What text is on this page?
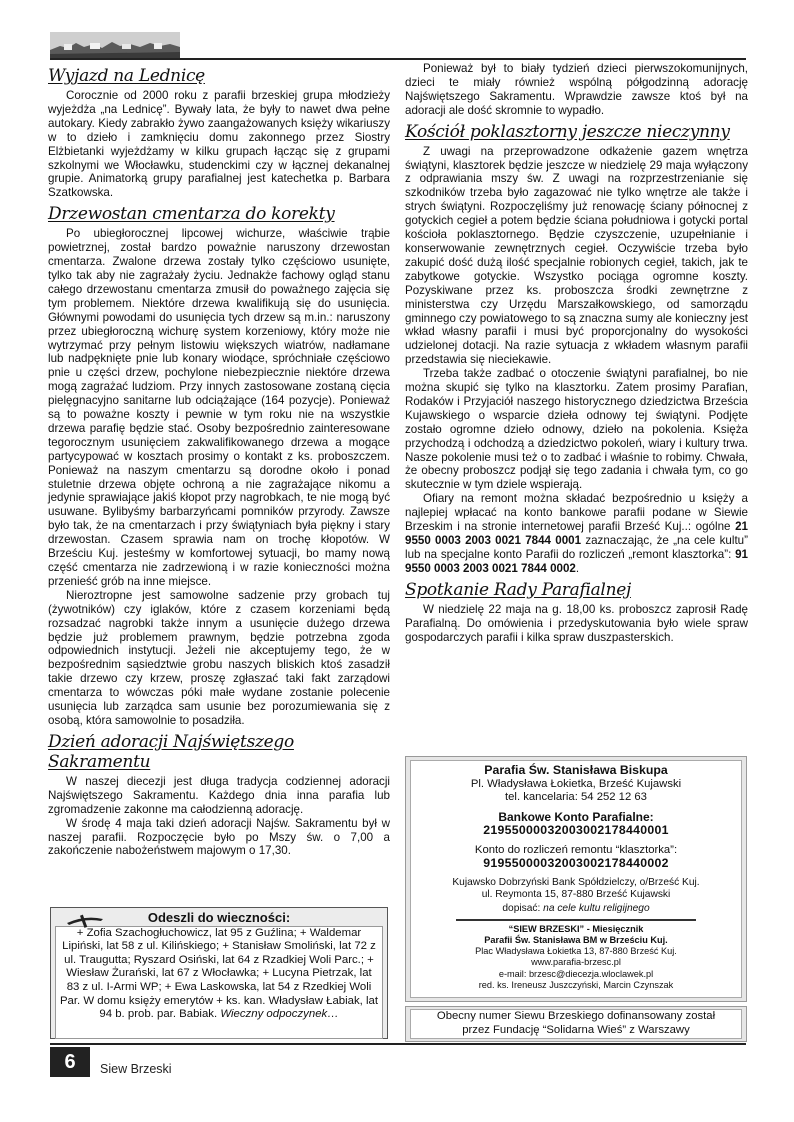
Wyjazd na Lednicę

Corocznie od 2000 roku z parafii brzeskiej grupa młodzieży wyjeżdża „na Lednicę”. Bywały lata, że były to nawet dwa pełne autokary. Kiedy zabrakło żywo zaangażowanych księży wikariuszy w to dzieło i zamknięciu domu zakonnego przez Siostry Elżbietanki wyjeżdżamy w kilku grupach łącząc się z grupami szkolnymi we Włocławku, studenckimi czy w łącznej dekanalnej grupie. Animatorką grupy parafialnej jest katechetka p. Barbara Szatkowska.

Drzewostan cmentarza do korekty

Po ubiegłorocznej lipcowej wichurze, właściwie trąbie powietrznej, został bardzo poważnie naruszony drzewostan cmentarza. Zwalone drzewa zostały tylko częściowo usunięte, tylko tak aby nie zagrażały życiu. Jednakże fachowy ogląd stanu całego drzewostanu cmentarza zmusił do poważnego zajęcia się tym problemem. Niektóre drzewa kwalifikują się do usunięcia. Głównymi powodami do usunięcia tych drzew są m.in.: naruszony przez ubiegłoroczną wichurę system korzeniowy, który może nie wytrzymać przy pełnym listowiu większych wiatrów, nadłamane lub nadpęknięte pnie lub konary wiodące, spróchniałe częściowo pnie u części drzew, pochylone niebezpiecznie niektóre drzewa mogą zagrażać ludziom. Przy innych zastosowane zostaną cięcia pielęgnacyjno sanitarne lub odciążające (164 pozycje). Ponieważ są to poważne koszty i pewnie w tym roku nie na wszystkie drzewa parafię będzie stać. Osoby bezpośrednio zainteresowane tegorocznym usunięciem zakwalifikowanego drzewa a mogące partycypować w kosztach prosimy o kontakt z ks. proboszczem. Ponieważ na naszym cmentarzu są dorodne około i ponad stuletnie drzewa objęte ochroną a nie zagrażające nikomu a jedynie sprawiające jakiś kłopot przy nagrobkach, te nie mogą być usuwane. Bylibyśmy barbarzyńcami pomników przyrody. Zawsze było tak, że na cmentarzach i przy świątyniach była piękny i stary drzewostan. Czasem sprawia nam on trochę kłopotów. W Brześciu Kuj. jesteśmy w komfortowej sytuacji, bo mamy nową część cmentarza nie zadrzewioną i w razie konieczności można przenieść grób na inne miejsce.

Nieroztropne jest samowolne sadzenie przy grobach tuj (żywotników) czy iglaków, które z czasem korzeniami będą rozsadzać nagrobki także innym a usunięcie dużego drzewa będzie już problemem prawnym, będzie potrzebna zgoda odpowiednich instytucji. Jeżeli nie akceptujemy tego, że w bezpośrednim sąsiedztwie grobu naszych bliskich ktoś zasadził takie drzewo czy krzew, proszę zgłaszać taki fakt zarządowi cmentarza to wówczas póki małe wydane zostanie polecenie usunięcia lub zarządca sam usunie bez porozumiewania się z osobą, która samowolnie to posadziła.

Dzień adoracji Najświętszego Sakramentu

W naszej diecezji jest długa tradycja codziennej adoracji Najświętszego Sakramentu. Każdego dnia inna parafia lub zgromadzenie zakonne ma całodzienną adorację.

W środę 4 maja taki dzień adoracji Najśw. Sakramentu był w naszej parafii. Rozpoczęcie było po Mszy św. o 7,00 a zakończenie nabożeństwem majowym o 17,30.

Ponieważ był to biały tydzień dzieci pierwszokomunijnych, dzieci te miały również wspólną półgodzinną adorację Najświętszego Sakramentu. Wprawdzie zawsze ktoś był na adoracji ale dość skromnie to wypadło.

Kościół poklasztorny jeszcze nieczynny

Z uwagi na przeprowadzone odkażenie gazem wnętrza świątyni, klasztorek będzie jeszcze w niedzielę 29 maja wyłączony z odprawiania mszy św. Z uwagi na rozprzestrzenianie się szkodników trzeba było zagazować nie tylko wnętrze ale także i strych świątyni. Rozpoczęliśmy już renowację ściany północnej z gotyckich cegieł a potem będzie ściana południowa i gotycki portal kościoła poklasztornego. Będzie czyszczenie, uzupełnianie i konserwowanie zewnętrznych cegieł. Oczywiście trzeba było zakupić dość dużą ilość specjalnie robionych cegieł, takich, jak te zabytkowe gotyckie. Wszystko pociąga ogromne koszty. Pozyskiwane przez ks. proboszcza środki zewnętrzne z ministerstwa czy Urzędu Marszałkowskiego, od samorządu gminnego czy powiatowego to są znaczna sumy ale konieczny jest wkład własny parafii i musi być proporcjonalny do wysokości udzielonej dotacji. Na razie sytuacja z wkładem własnym parafii przedstawia się nieciekawie.

Trzeba także zadbać o otoczenie świątyni parafialnej, bo nie można skupić się tylko na klasztorku. Zatem prosimy Parafian, Rodaków i Przyjaciół naszego historycznego dziedzictwa Brześcia Kujawskiego o wsparcie dzieła odnowy tej świątyni. Podjęte zostało ogromne dzieło odnowy, dzieło na pokolenia. Księża przychodzą i odchodzą a dziedzictwo pokoleń, wiary i kultury trwa. Nasze pokolenie musi też o to zadbać i właśnie to robimy. Chwała, że obecny proboszcz podjął się tego zadania i chwała tym, co go skutecznie w tym dziele wspierają.

Ofiary na remont można składać bezpośrednio u księży a najlepiej wpłacać na konto bankowe parafii podane w Siewie Brzeskim i na stronie internetowej parafii Brześć Kuj..: ogólne 21 9550 0003 2003 0021 7844 0001 zaznaczając, że „na cele kultu” lub na specjalne konto Parafii do rozliczeń „remont klasztorka”: 91 9550 0003 2003 0021 7844 0002.

Spotkanie Rady Parafialnej

W niedzielę 22 maja na g. 18,00 ks. proboszcz zaprosił Radę Parafialną. Do omówienia i przedyskutowania było wiele spraw gospodarczych parafii i kilka spraw duszpasterskich.

Odeszli do wieczności:
+ Zofia Szachogłuchowicz, lat 95 z Guźlina; + Waldemar Lipiński, lat 58 z ul. Kilińskiego; + Stanisław Smoliński, lat 72 z ul. Traugutta; Ryszard Osiński, lat 64 z Rzadkiej Woli Parc.; + Wiesław Żurański, lat 67 z Włocławka; + Lucyna Pietrzak, lat 83 z ul. I-Armi WP; + Ewa Laskowska, lat 54 z Rzedkiej Woli Par. W domu księży emerytów + ks. kan. Władysław Łabiak, lat 94 b. prob. par. Babiak. Wieczny odpoczynek…
Parafia Św. Stanisława Biskupa
Pl. Władysława Łokietka, Brześć Kujawski
tel. kancelaria: 54 252 12 63
Bankowe Konto Parafialne:
21955000032003002178440001
Konto do rozliczeń remontu “klasztorka”:
91955000032003002178440002
Kujawsko Dobrzyński Bank Spółdzielczy, o/Brześć Kuj.
ul. Reymonta 15, 87-880 Brześć Kujawski
dopisać: na cele kultu religijnego
“SIEW BRZESKI” - Miesięcznik
Parafii Św. Stanisława BM w Brześciu Kuj.
Plac Władysława Łokietka 13, 87-880 Brześć Kuj.
www.parafia-brzesc.pl
e-mail: brzesc@diecezja.wloclawek.pl
red. ks. Ireneusz Juszczyński, Marcin Czynszak
Obecny numer Siewu Brzeskiego dofinansowany został
przez Fundację “Solidarna Wieś” z Warszawy
6	Siew Brzeski
